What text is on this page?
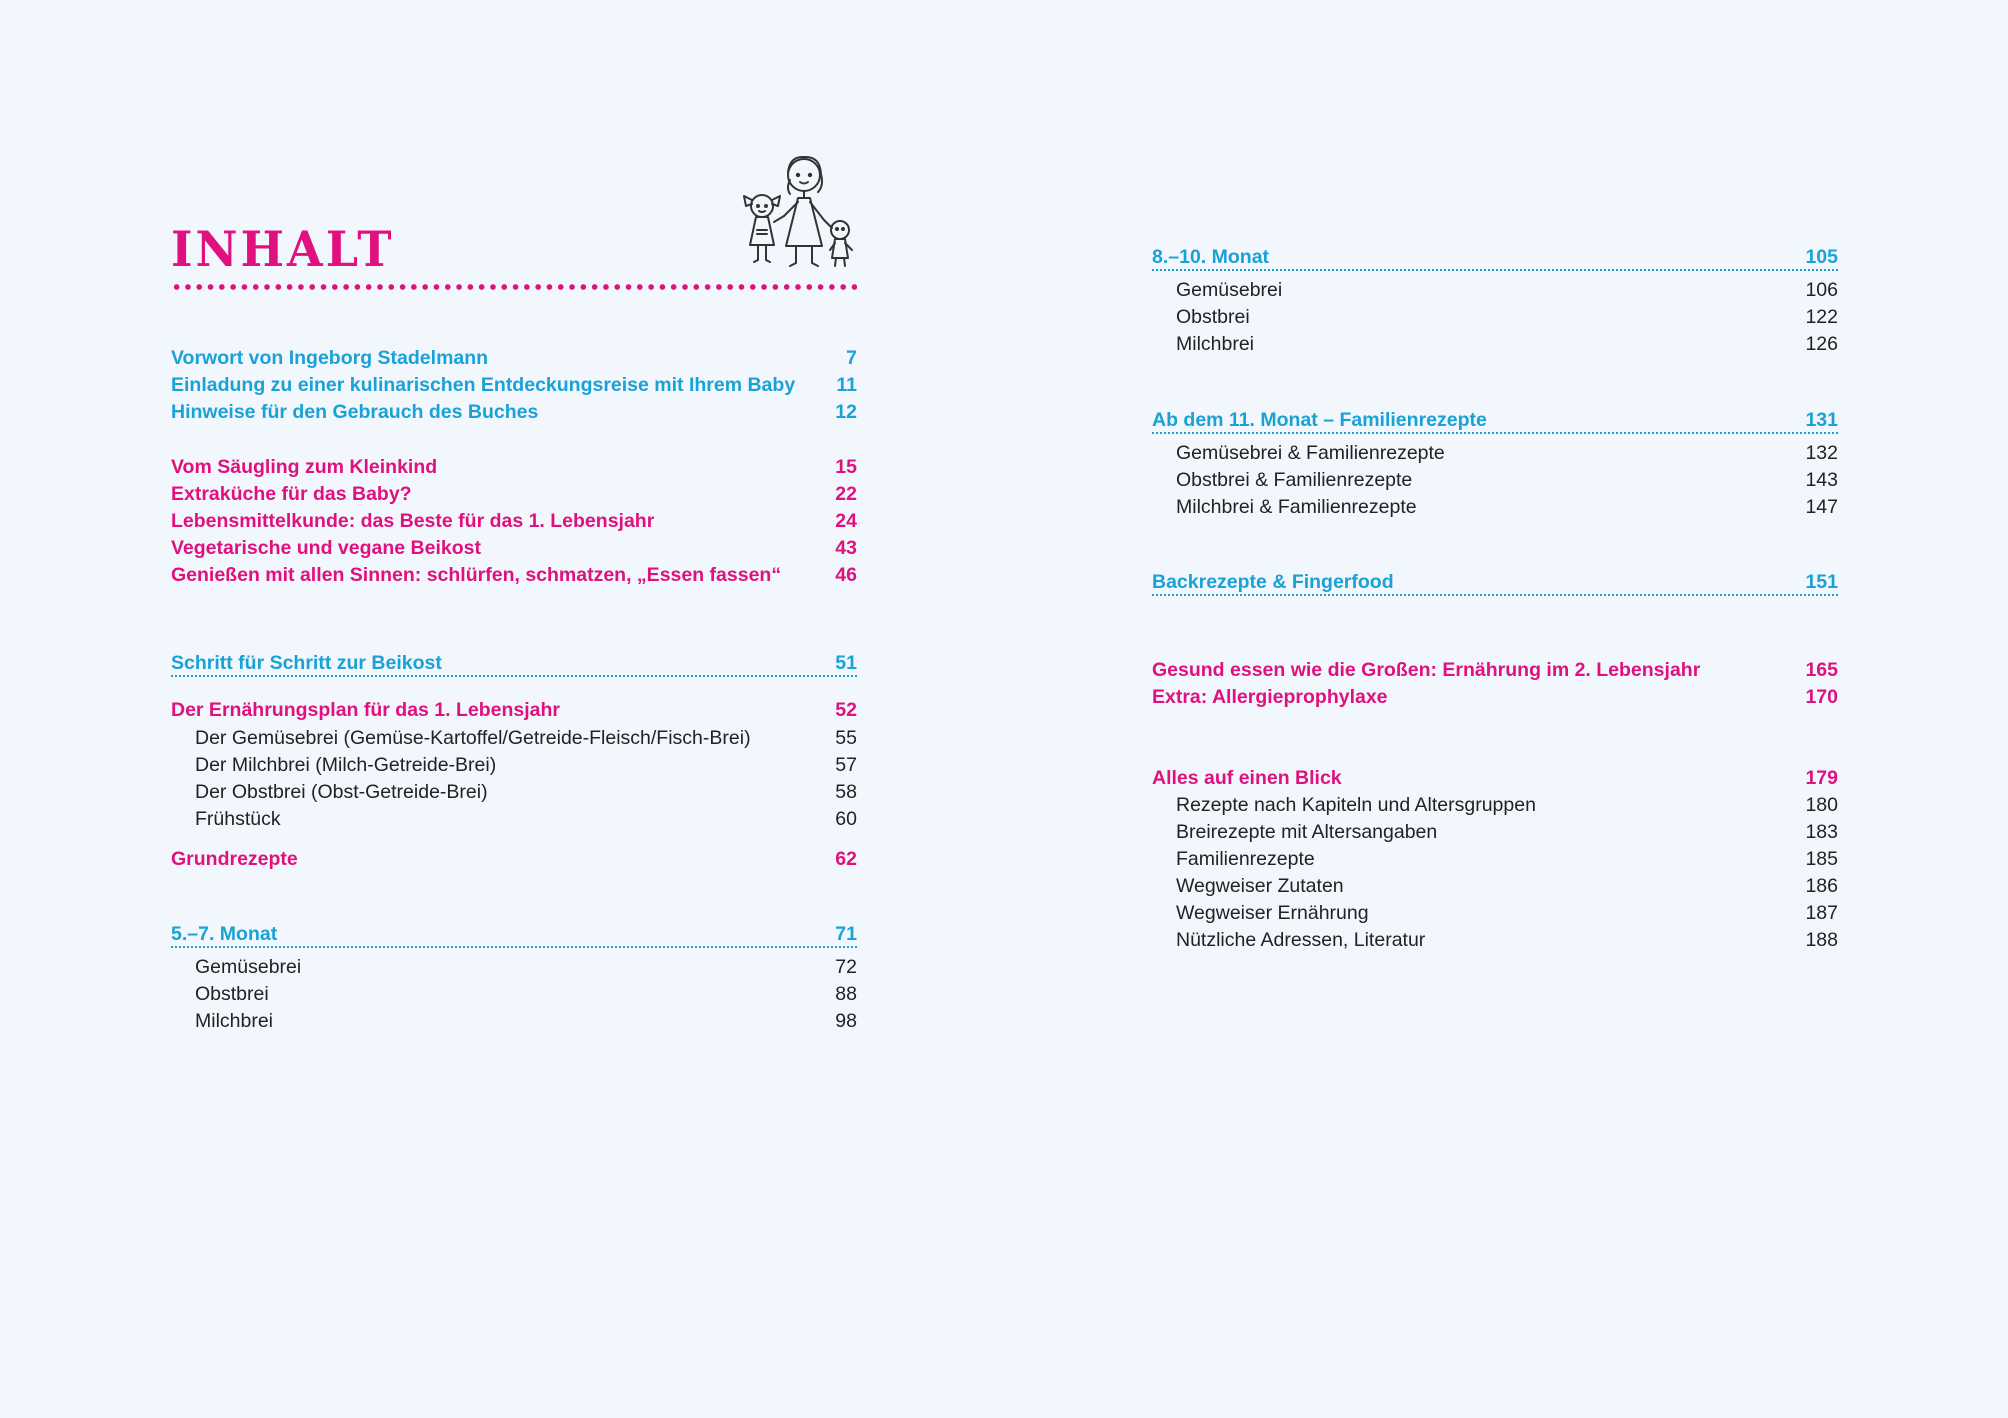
INHALT
Vorwort von Ingeborg Stadelmann	7
Einladung zu einer kulinarischen Entdeckungsreise mit Ihrem Baby 11
Hinweise für den Gebrauch des Buches	12
Vom Säugling zum Kleinkind	15
Extraküche für das Baby?	22
Lebensmittelkunde: das Beste für das 1. Lebensjahr	24
Vegetarische und vegane Beikost	43
Genießen mit allen Sinnen: schlürfen, schmatzen, „Essen fassen“	46
Schritt für Schritt zur Beikost	51
Der Ernährungsplan für das 1. Lebensjahr	52
Der Gemüsebrei (Gemüse-Kartoffel/Getreide-Fleisch/Fisch-Brei)	55
Der Milchbrei (Milch-Getreide-Brei)	57
Der Obstbrei (Obst-Getreide-Brei)	58
Frühstück	60
Grundrezepte	62
5.–7. Monat	71
Gemüsebrei	72
Obstbrei	88
Milchbrei	98
8.–10. Monat	105
Gemüsebrei	106
Obstbrei	122
Milchbrei	126
Ab dem 11. Monat – Familienrezepte	131
Gemüsebrei & Familienrezepte	132
Obstbrei & Familienrezepte	143
Milchbrei & Familienrezepte	147
Backrezepte & Fingerfood	151
Gesund essen wie die Großen: Ernährung im 2. Lebensjahr	165
Extra: Allergieprophylaxe	170
Alles auf einen Blick	179
Rezepte nach Kapiteln und Altersgruppen	180
Breirezepte mit Altersangaben	183
Familienrezepte	185
Wegweiser Zutaten	186
Wegweiser Ernährung	187
Nützliche Adressen, Literatur	188
